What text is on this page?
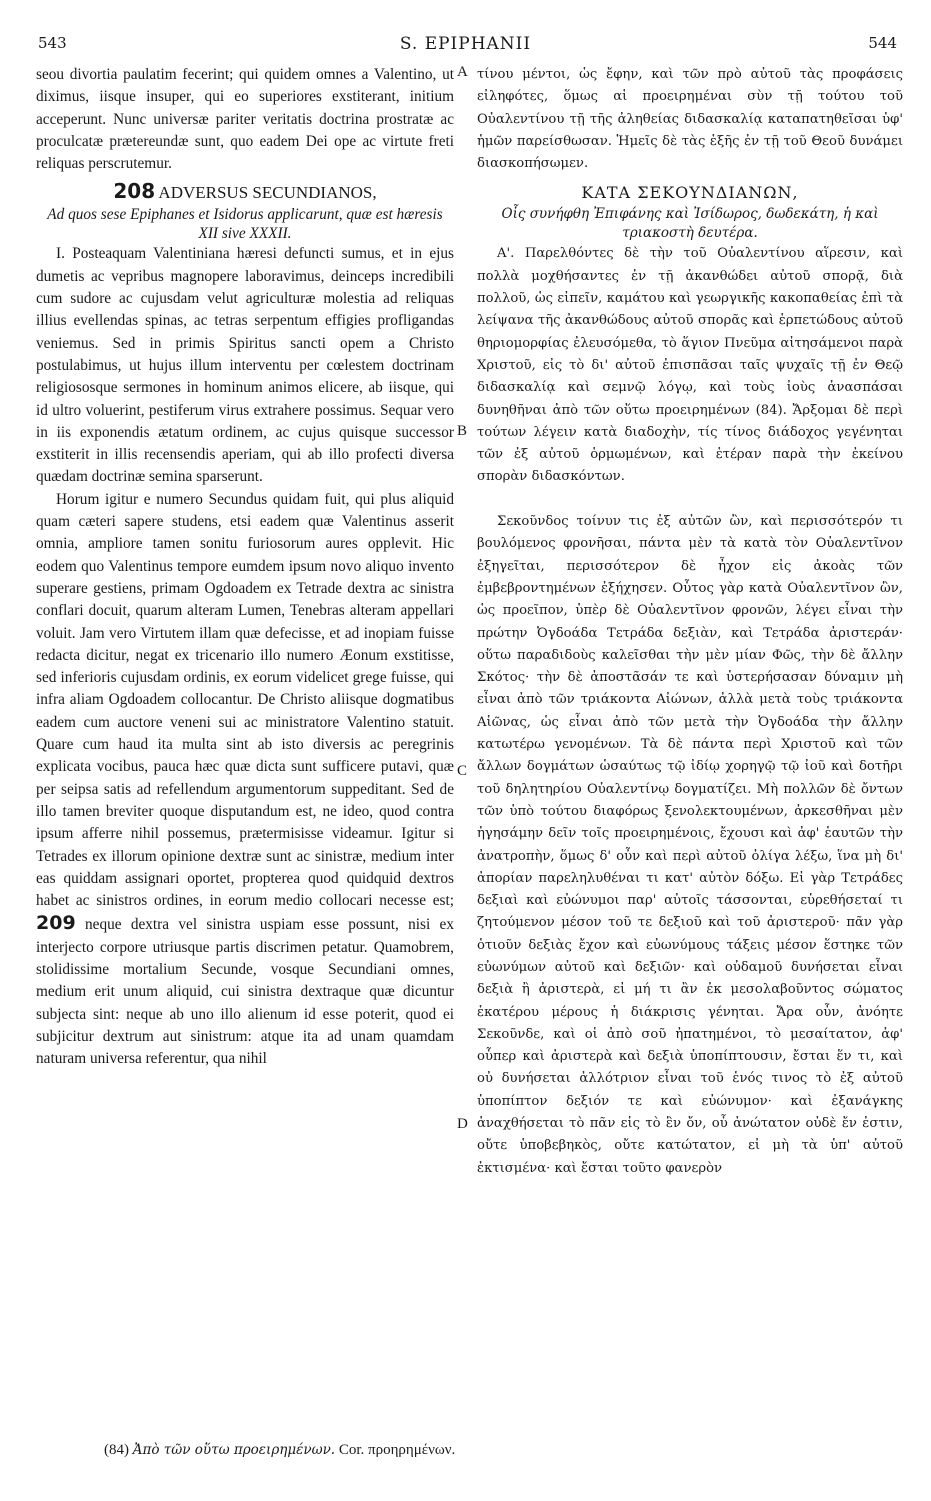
543	S. EPIPHANII	544

seou divortia paulatim fecerint; qui quidem omnes a Valentino, ut diximus, iisque insuper, qui eo superiores exstiterant, initium acceperunt. Nunc universæ pariter veritatis doctrina prostratæ ac proculcatæ prætereundæ sunt, quo eadem Dei ope ac virtute freti reliquas perscrutemur.

208 ADVERSUS SECUNDIANOS,

Ad quos sese Epiphanes et Isidorus applicarunt, quæ est hæresis XII sive XXXII.

I. Posteaquam Valentiniana hæresi defuncti sumus, et in ejus dumetis ac vepribus magnopere laboravimus, deinceps incredibili cum sudore ac cujusdam velut agriculturæ molestia ad reliquas illius evellendas spinas, ac tetras serpentum effigies profligandas veniemus. Sed in primis Spiritus sancti opem a Christo postulabimus, ut hujus illum interventu per cœlestem doctrinam religiososque sermones in hominum animos elicere, ab iisque, qui id ultro voluerint, pestiferum virus extrahere possimus. Sequar vero in iis exponendis ætatum ordinem, ac cujus quisque successor exstiterit in illis recensendis aperiam, qui ab illo profecti diversa quædam doctrinæ semina sparserunt.

Horum igitur e numero Secundus quidam fuit, qui plus aliquid quam cæteri sapere studens, etsi eadem quæ Valentinus asserit omnia, ampliore tamen sonitu furiosorum aures opplevit. Hic eodem quo Valentinus tempore eumdem ipsum novo aliquo invento superare gestiens, primam Ogdoadem ex Tetrade dextra ac sinistra conflari docuit, quarum alteram Lumen, Tenebras alteram appellari voluit. Jam vero Virtutem illam quæ defecisse, et ad inopiam fuisse redacta dicitur, negat ex tricenario illo numero Æonum exstitisse, sed inferioris cujusdam ordinis, ex eorum videlicet grege fuisse, qui infra aliam Ogdoadem collocantur. De Christo aliisque dogmatibus eadem cum auctore veneni sui ac ministratore Valentino statuit. Quare cum haud ita multa sint ab isto diversis ac peregrinis explicata vocibus, pauca hæc quæ dicta sunt sufficere putavi, quæ per seipsa satis ad refellendum argumentorum suppeditant. Sed de illo tamen breviter quoque disputandum est, ne ideo, quod contra ipsum afferre nihil possemus, prætermisisse videamur. Igitur si Tetrades ex illorum opinione dextræ sunt ac sinistræ, medium inter eas quiddam assignari oportet, propterea quod quidquid dextros habet ac sinistros ordines, in eorum medio collocari necesse est; 209 neque dextra vel sinistra uspiam esse possunt, nisi ex interjecto corpore utriusque partis discrimen petatur. Quamobrem, stolidissime mortalium Secunde, vosque Secundiani omnes, medium erit unum aliquid, cui sinistra dextraque quæ dicuntur subjecta sint: neque ab uno illo alienum id esse poterit, quod ei subjicitur dextrum aut sinistrum: atque ita ad unam quamdam naturam universa referentur, qua nihil

A
B
C
D

τίνου μέντοι, ὡς ἔφην, καὶ τῶν πρὸ αὐτοῦ τὰς προφάσεις εἰληφότες, ὅμως αἱ προειρημέναι σὺν τῇ τούτου τοῦ Οὐαλεντίνου τῇ τῆς ἀληθείας διδασκαλίᾳ καταπατηθεῖσαι ὑφ' ἡμῶν παρείσθωσαν. Ἡμεῖς δὲ τὰς ἑξῆς ἐν τῇ τοῦ Θεοῦ δυνάμει διασκοπήσωμεν.

ΚΑΤΑ ΣΕΚΟΥΝΔΙΑΝΩΝ,

Οἷς συνήφθη Ἐπιφάνης καὶ Ἰσίδωρος, δωδεκάτη, ἡ καὶ τριακοστὴ δευτέρα.

Α'. Παρελθόντες δὲ τὴν τοῦ Οὐαλεντίνου αἵρεσιν, καὶ πολλὰ μοχθήσαντες ἐν τῇ ἀκανθώδει αὐτοῦ σπορᾷ, διὰ πολλοῦ, ὡς εἰπεῖν, καμάτου καὶ γεωργικῆς κακοπαθείας ἐπὶ τὰ λείψανα τῆς ἀκανθώδους αὐτοῦ σπορᾶς καὶ ἑρπετώδους αὐτοῦ θηριομορφίας ἐλευσόμεθα, τὸ ἅγιον Πνεῦμα αἰτησάμενοι παρὰ Χριστοῦ, εἰς τὸ δι' αὐτοῦ ἐπισπᾶσαι ταῖς ψυχαῖς τῇ ἐν Θεῷ διδασκαλίᾳ καὶ σεμνῷ λόγῳ, καὶ τοὺς ἰοὺς ἀνασπάσαι δυνηθῆναι ἀπὸ τῶν οὕτω προειρημένων (84). Ἄρξομαι δὲ περὶ τούτων λέγειν κατὰ διαδοχὴν, τίς τίνος διάδοχος γεγένηται τῶν ἐξ αὐτοῦ ὁρμωμένων, καὶ ἑτέραν παρὰ τὴν ἐκείνου σπορὰν διδασκόντων.

Σεκοῦνδος τοίνυν τις ἐξ αὐτῶν ὢν, καὶ περισσότερόν τι βουλόμενος φρονῆσαι, πάντα μὲν τὰ κατὰ τὸν Οὐαλεντῖνον ἐξηγεῖται, περισσότερον δὲ ἦχον εἰς ἀκοὰς τῶν ἐμβεβροντημένων ἐξήχησεν. Οὗτος γὰρ κατὰ Οὐαλεντῖνον ὢν, ὡς προεῖπον, ὑπὲρ δὲ Οὐαλεντῖνον φρονῶν, λέγει εἶναι τὴν πρώτην Ὀγδοάδα Τετράδα δεξιὰν, καὶ Τετράδα ἀριστεράν· οὕτω παραδιδοὺς καλεῖσθαι τὴν μὲν μίαν Φῶς, τὴν δὲ ἄλλην Σκότος· τὴν δὲ ἀποστᾶσάν τε καὶ ὑστερήσασαν δύναμιν μὴ εἶναι ἀπὸ τῶν τριάκοντα Αἰώνων, ἀλλὰ μετὰ τοὺς τριάκοντα Αἰῶνας, ὡς εἶναι ἀπὸ τῶν μετὰ τὴν Ὀγδοάδα τὴν ἄλλην κατωτέρω γενομένων. Τὰ δὲ πάντα περὶ Χριστοῦ καὶ τῶν ἄλλων δογμάτων ὡσαύτως τῷ ἰδίῳ χορηγῷ τῷ ἰοῦ καὶ δοτῆρι τοῦ δηλητηρίου Οὐαλεντίνῳ δογματίζει. Μὴ πολλῶν δὲ ὄντων τῶν ὑπὸ τούτου διαφόρως ξενολεκτουμένων, ἀρκεσθῆναι μὲν ἡγησάμην δεῖν τοῖς προειρημένοις, ἔχουσι καὶ ἀφ' ἑαυτῶν τὴν ἀνατροπὴν, ὅμως δ' οὖν καὶ περὶ αὐτοῦ ὀλίγα λέξω, ἵνα μὴ δι' ἀπορίαν παρεληλυθέναι τι κατ' αὐτὸν δόξω. Εἰ γὰρ Τετράδες δεξιαὶ καὶ εὐώνυμοι παρ' αὐτοῖς τάσσονται, εὑρεθήσεταί τι ζητούμενον μέσον τοῦ τε δεξιοῦ καὶ τοῦ ἀριστεροῦ· πᾶν γὰρ ὁτιοῦν δεξιὰς ἔχον καὶ εὐωνύμους τάξεις μέσον ἕστηκε τῶν εὐωνύμων αὐτοῦ καὶ δεξιῶν· καὶ οὐδαμοῦ δυνήσεται εἶναι δεξιὰ ἢ ἀριστερὰ, εἰ μή τι ἂν ἐκ μεσολαβοῦντος σώματος ἑκατέρου μέρους ἡ διάκρισις γένηται. Ἄρα οὖν, ἀνόητε Σεκοῦνδε, καὶ οἱ ἀπὸ σοῦ ἠπατημένοι, τὸ μεσαίτατον, ἀφ' οὗπερ καὶ ἀριστερὰ καὶ δεξιὰ ὑποπίπτουσιν, ἔσται ἕν τι, καὶ οὐ δυνήσεται ἀλλότριον εἶναι τοῦ ἑνός τινος τὸ ἐξ αὐτοῦ ὑποπίπτον δεξιόν τε καὶ εὐώνυμον· καὶ ἐξανάγκης ἀναχθήσεται τὸ πᾶν εἰς τὸ ἓν ὄν, οὗ ἀνώτατον οὐδὲ ἔν ἐστιν, οὔτε ὑποβεβηκὸς, οὔτε κατώτατον, εἰ μὴ τὰ ὑπ' αὐτοῦ ἐκτισμένα· καὶ ἔσται τοῦτο φανερὸν

(84) Ἀπὸ τῶν οὕτω προειρημένων. Cor. προηρημένων.
